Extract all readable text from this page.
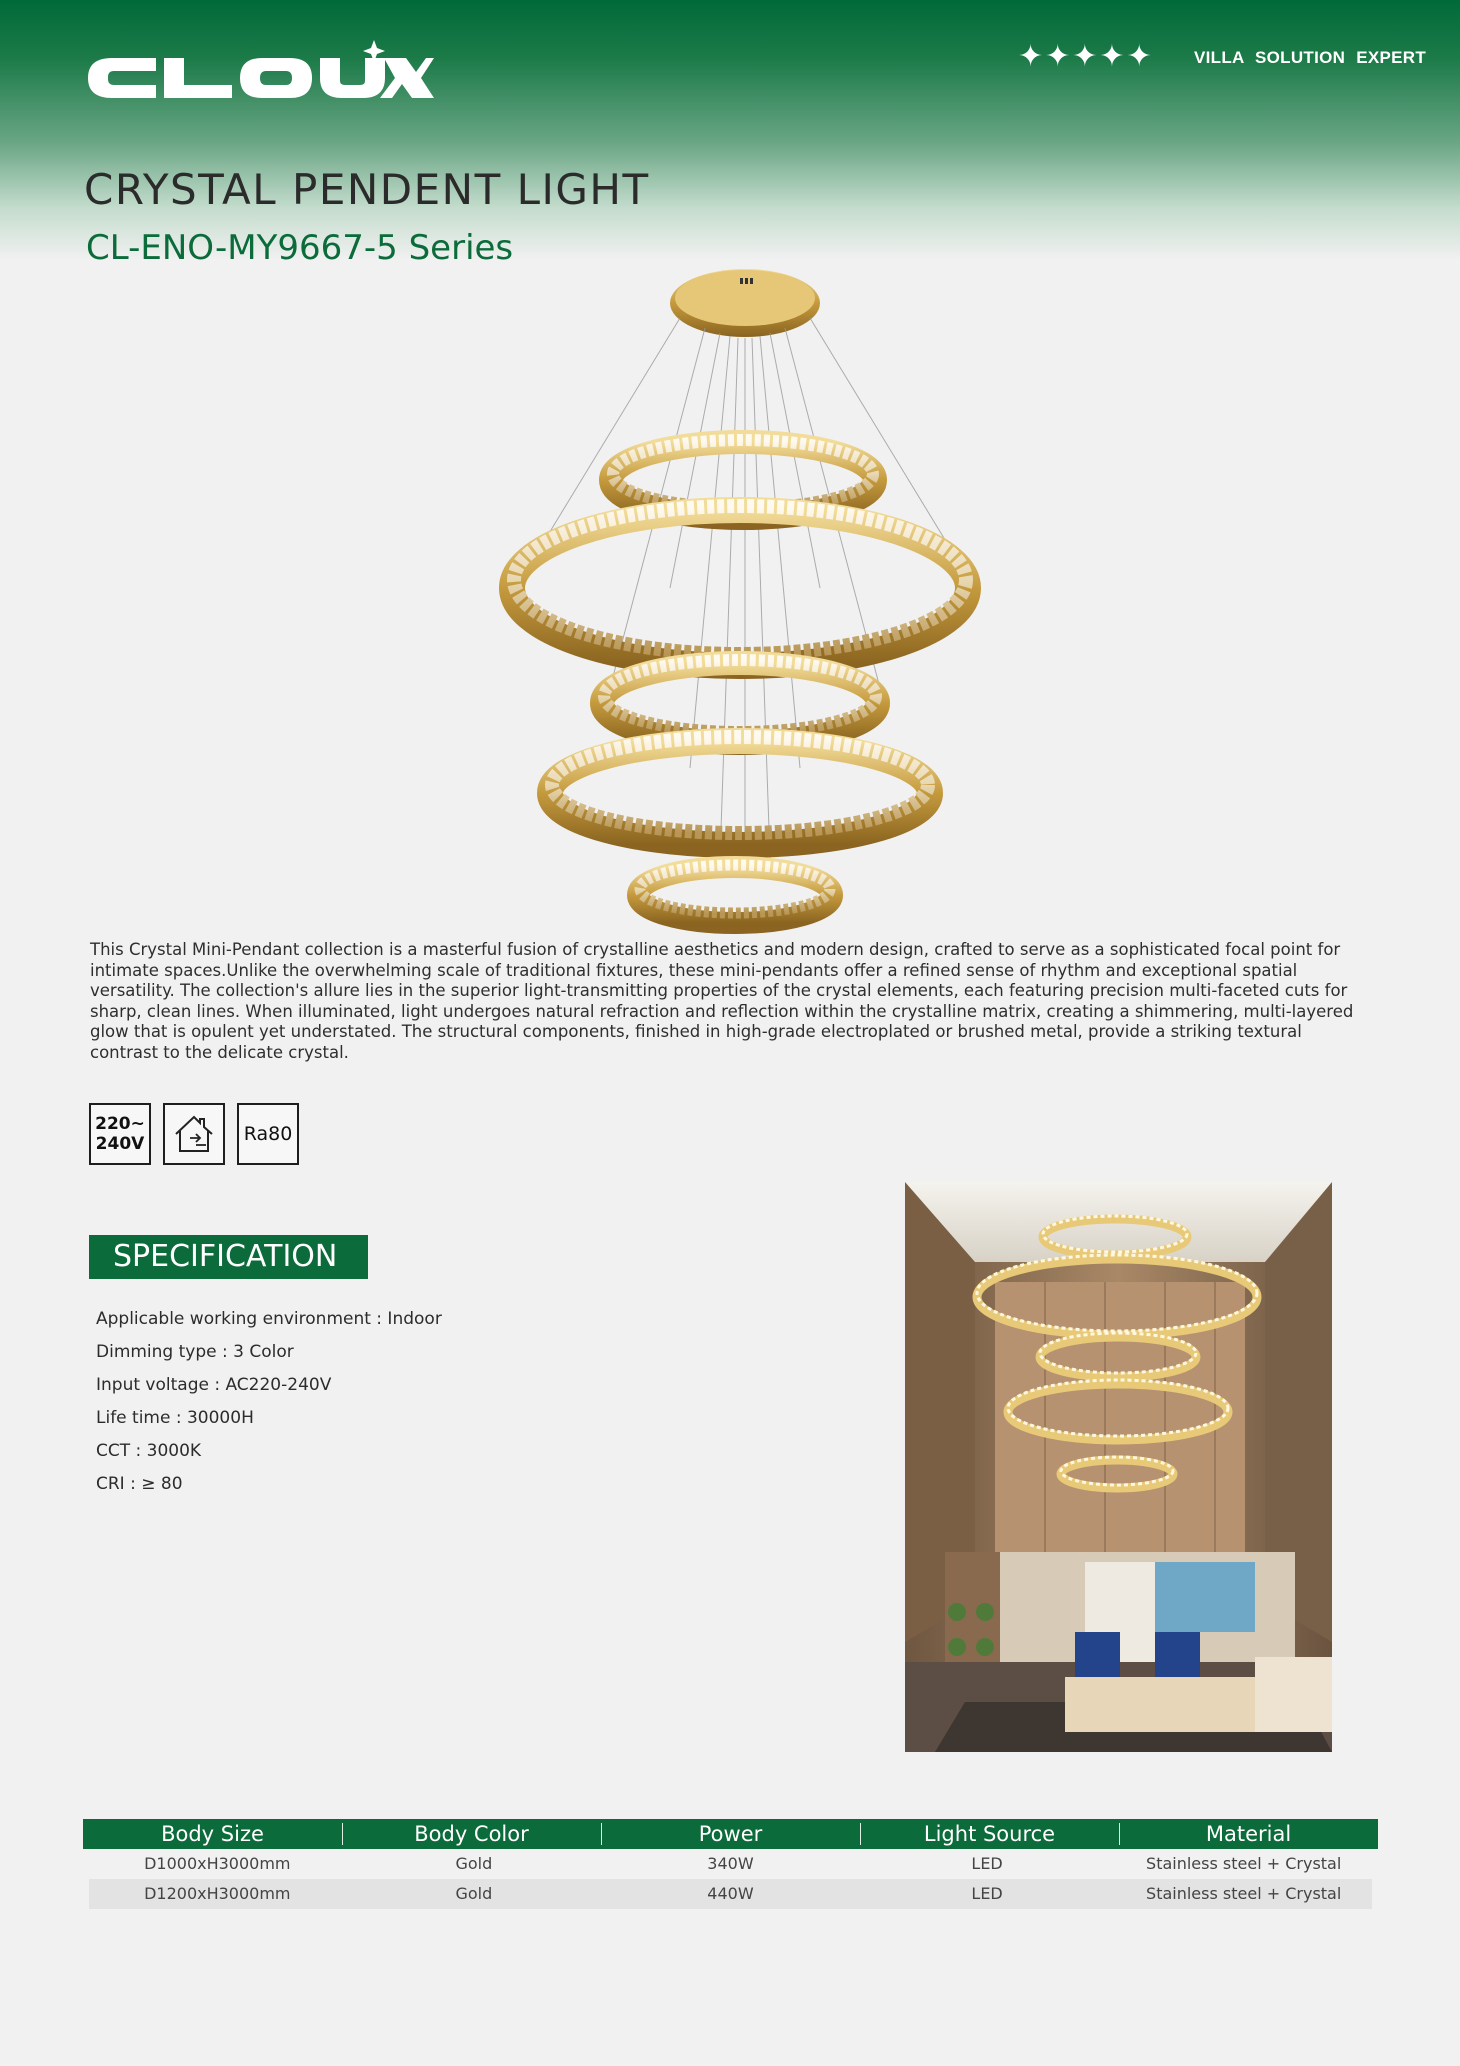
✦ ✦ ✦ ✦ ✦ VILLA SOLUTION EXPERT
CRYSTAL PENDENT LIGHT
CL-ENO-MY9667-5 Series

This Crystal Mini-Pendant collection is a masterful fusion of crystalline aesthetics and modern design, crafted to serve as a sophisticated focal point for intimate spaces.Unlike the overwhelming scale of traditional fixtures, these mini-pendants offer a refined sense of rhythm and exceptional spatial versatility. The collection's allure lies in the superior light-transmitting properties of the crystal elements, each featuring precision multi-faceted cuts for sharp, clean lines. When illuminated, light undergoes natural refraction and reflection within the crystalline matrix, creating a shimmering, multi-layered glow that is opulent yet understated. The structural components, finished in high-grade electroplated or brushed metal, provide a striking textural contrast to the delicate crystal.

220~
240V	Ra80
SPECIFICATION
Applicable working environment : Indoor
Dimming type : 3 Color
Input voltage : AC220-240V
Life time : 30000H
CCT : 3000K
CRI : ≥ 80
Body Size	Body Color	Power	Light Source	Material
D1000xH3000mm	Gold	340W	LED	Stainless steel + Crystal
D1200xH3000mm	Gold	440W	LED	Stainless steel + Crystal
